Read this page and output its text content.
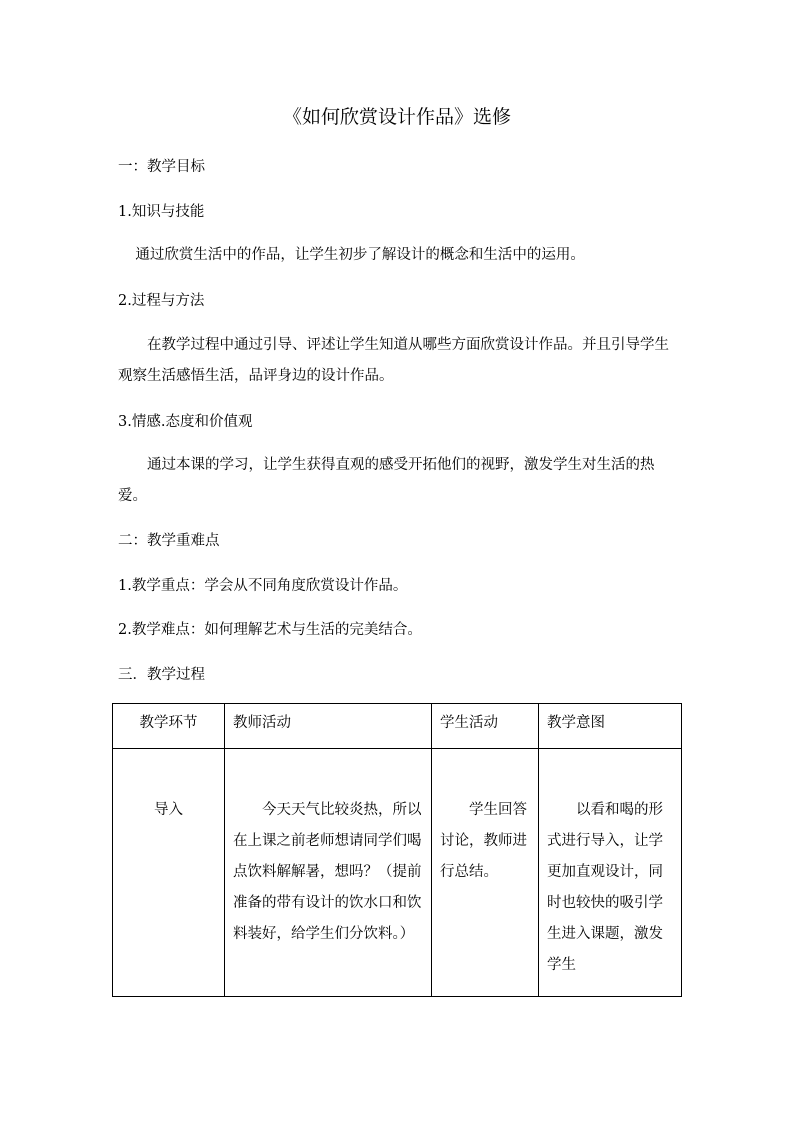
《如何欣赏设计作品》选修
一：教学目标
1.知识与技能
通过欣赏生活中的作品，让学生初步了解设计的概念和生活中的运用。
2.过程与方法
在教学过程中通过引导、评述让学生知道从哪些方面欣赏设计作品。并且引导学生观察生活感悟生活，品评身边的设计作品。
3.情感.态度和价值观
通过本课的学习，让学生获得直观的感受开拓他们的视野，激发学生对生活的热爱。
二：教学重难点
1.教学重点：学会从不同角度欣赏设计作品。
2.教学难点：如何理解艺术与生活的完美结合。
三．教学过程
教学环节	教师活动	学生活动	教学意图
导入	今天天气比较炎热，所以在上课之前老师想请同学们喝点饮料解解暑，想吗？（提前准备的带有设计的饮水口和饮料装好，给学生们分饮料。）	学生回答讨论，教师进行总结。	以看和喝的形式进行导入，让学更加直观设计，同时也较快的吸引学生进入课题，激发学生
